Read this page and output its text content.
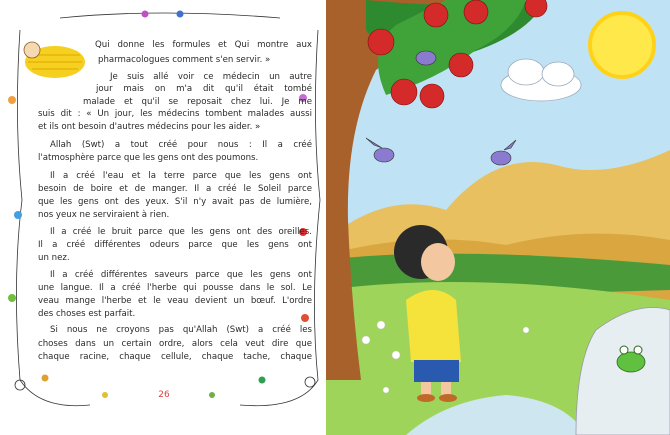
Qui donne les formules et Qui montre aux
pharmacologues comment s'en servir. »
Je suis allé voir ce médecin un autre
jour mais on m'a dit qu'il était tombé
malade et qu'il se reposait chez lui. Je me
suis dit : « Un jour, les médecins tombent malades aussi
et ils ont besoin d'autres médecins pour les aider. »
Allah (Swt) a tout créé pour nous : Il a créé
l'atmosphère parce que les gens ont des poumons.
Il a créé l'eau et la terre parce que les gens ont
besoin de boire et de manger. Il a créé le Soleil parce
que les gens ont des yeux. S'il n'y avait pas de lumière,
nos yeux ne serviraient à rien.
Il a créé le bruit parce que les gens ont des oreilles.
Il a créé différentes odeurs parce que les gens ont
un nez.
Il a créé différentes saveurs parce que les gens ont
une langue. Il a créé l'herbe qui pousse dans le sol. Le
veau mange l'herbe et le veau devient un bœuf. L'ordre
des choses est parfait.
Si nous ne croyons pas qu'Allah (Swt) a créé les
choses dans un certain ordre, alors cela veut dire que
chaque racine, chaque cellule, chaque tache, chaque
26
